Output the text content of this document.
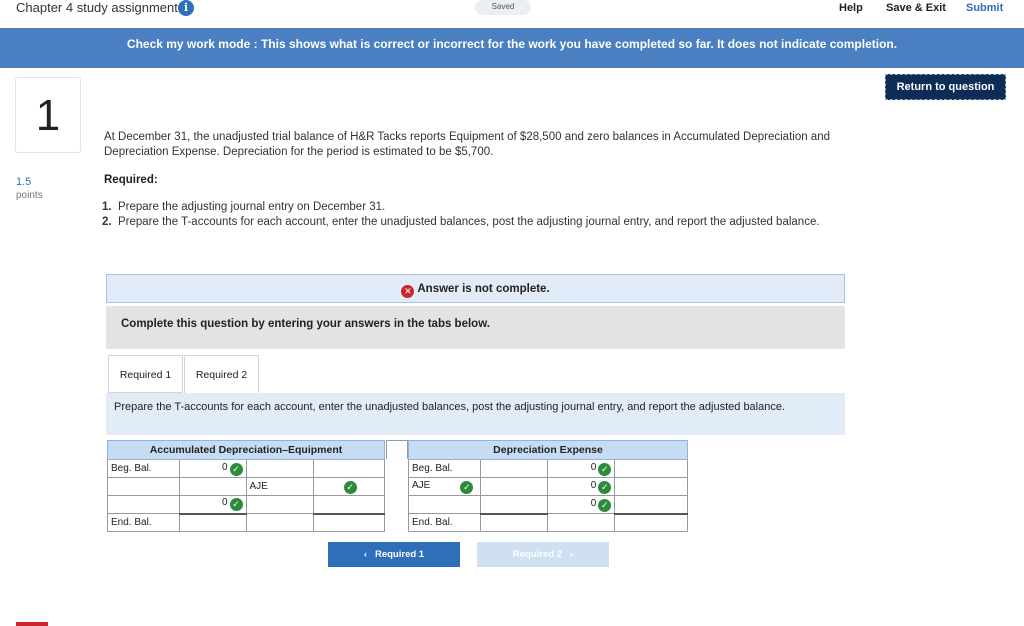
Chapter 4 study assignment i	Saved	Help Save & Exit Submit
Check my work mode : This shows what is correct or incorrect for the work you have completed so far. It does not indicate completion.
1
Return to question
1.5
points
At December 31, the unadjusted trial balance of H&R Tacks reports Equipment of $28,500 and zero balances in Accumulated Depreciation and Depreciation Expense. Depreciation for the period is estimated to be $5,700.
Required:
1. Prepare the adjusting journal entry on December 31.
2. Prepare the T-accounts for each account, enter the unadjusted balances, post the adjusting journal entry, and report the adjusted balance.
✕ Answer is not complete.
Complete this question by entering your answers in the tabs below.
Required 1	Required 2
Prepare the T-accounts for each account, enter the unadjusted balances, post the adjusting journal entry, and report the adjusted balance.
Accumulated Depreciation–Equipment			
Beg. Bal.	0 ✓		
		AJE	✓
	0 ✓		
End. Bal.			
Depreciation Expense			
Beg. Bal.		0 ✓	
AJE ✓		0 ✓	
		0 ✓	
End. Bal.			
‹ Required 1	Required 2 ›
